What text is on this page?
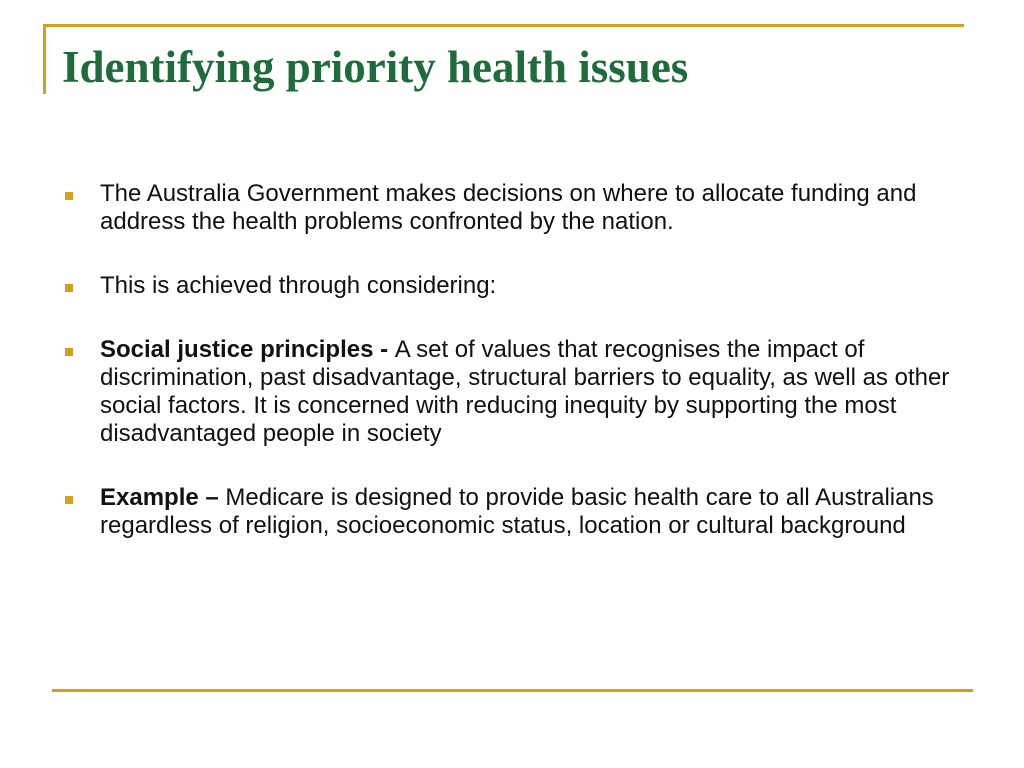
Identifying priority health issues
The Australia Government makes decisions on where to allocate funding and address the health problems confronted by the nation.
This is achieved through considering:
Social justice principles - A set of values that recognises the impact of discrimination, past disadvantage, structural barriers to equality, as well as other social factors. It is concerned with reducing inequity by supporting the most disadvantaged people in society
Example – Medicare is designed to provide basic health care to all Australians regardless of religion, socioeconomic status, location or cultural background
